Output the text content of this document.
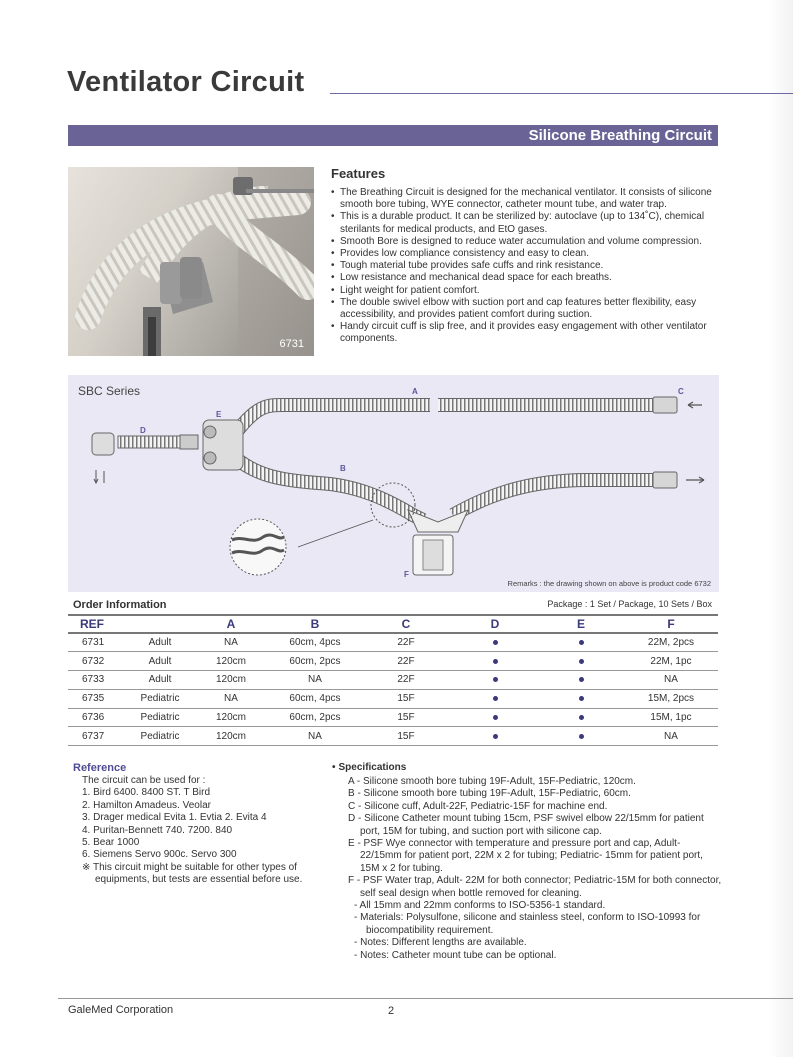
Ventilator Circuit
Silicone Breathing Circuit
6731
Features
• The Breathing Circuit is designed for the mechanical ventilator. It consists of silicone smooth bore tubing, WYE connector, catheter mount tube, and water trap.
• This is a durable product. It can be sterilized by: autoclave (up to 134˚C), chemical sterilants for medical products, and EtO gases.
• Smooth Bore is designed to reduce water accumulation and volume compression.
• Provides low compliance consistency and easy to clean.
• Tough material tube provides safe cuffs and rink resistance.
• Low resistance and mechanical dead space for each breaths.
• Light weight for patient comfort.
• The double swivel elbow with suction port and cap features better flexibility, easy accessibility, and provides patient comfort during suction.
• Handy circuit cuff is slip free, and it provides easy engagement with other ventilator components.
SBC Series	A
B
C
D
E
F
Remarks : the drawing shown on above is product code 6732
Order Information	Package : 1 Set / Package, 10 Sets / Box
REF		A	B	C	D	E	F
6731	Adult	NA	60cm, 4pcs	22F			22M, 2pcs
6732	Adult	120cm	60cm, 2pcs	22F			22M, 1pc
6733	Adult	120cm	NA	22F			NA
6735	Pediatric	NA	60cm, 4pcs	15F			15M, 2pcs
6736	Pediatric	120cm	60cm, 2pcs	15F			15M, 1pc
6737	Pediatric	120cm	NA	15F			NA
Reference

The circuit can be used for :

1. Bird 6400. 8400 ST. T Bird
2. Hamilton Amadeus. Veolar
3. Drager medical Evita 1. Evtia 2. Evita 4
4. Puritan-Bennett 740. 7200. 840
5. Bear 1000
6. Siemens Servo 900c. Servo 300

※ This circuit might be suitable for other types of equipments, but tests are essential before use.

• Specifications
A - Silicone smooth bore tubing 19F-Adult, 15F-Pediatric, 120cm.
B - Silicone smooth bore tubing 19F-Adult, 15F-Pediatric, 60cm.
C - Silicone cuff, Adult-22F, Pediatric-15F for machine end.
D - Silicone Catheter mount tubing 15cm, PSF swivel elbow 22/15mm for patient port, 15M for tubing, and suction port with silicone cap.
E - PSF Wye connector with temperature and pressure port and cap, Adult- 22/15mm for patient port, 22M x 2 for tubing; Pediatric- 15mm for patient port, 15M x 2 for tubing.
F - PSF Water trap, Adult- 22M for both connector; Pediatric-15M for both connector, self seal design when bottle removed for cleaning.
- All 15mm and 22mm conforms to ISO-5356-1 standard.
- Materials: Polysulfone, silicone and stainless steel, conform to ISO-10993 for biocompatibility requirement.
- Notes: Different lengths are available.
- Notes: Catheter mount tube can be optional.
GaleMed Corporation	2
